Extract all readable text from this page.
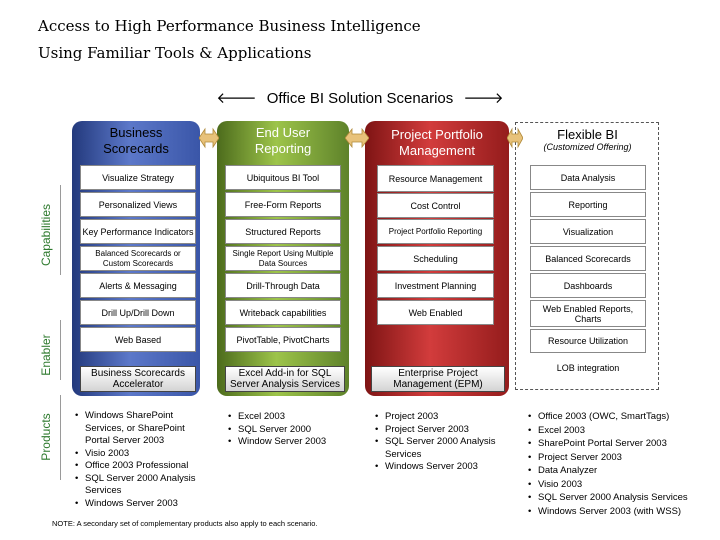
Access to High Performance Business Intelligence
Using Familiar Tools & Applications
🡐 Office BI Solution Scenarios 🡒
Capabilities
Enabler
Products
Business Scorecards
End User Reporting
Project Portfolio Management
Flexible BI
(Customized Offering)
Visualize Strategy
Personalized Views
Key Performance Indicators
Balanced Scorecards or Custom Scorecards
Alerts & Messaging
Drill Up/Drill Down
Web Based
Ubiquitous BI Tool
Free-Form Reports
Structured Reports
Single Report Using Multiple Data Sources
Drill-Through Data
Writeback capabilities
PivotTable, PivotCharts
Resource Management
Cost Control
Project Portfolio Reporting
Scheduling
Investment Planning
Web Enabled
Data Analysis
Reporting
Visualization
Balanced Scorecards
Dashboards
Web Enabled Reports, Charts
Resource Utilization
LOB integration
Business Scorecards Accelerator
Excel Add-in for SQL Server Analysis Services
Enterprise Project Management (EPM)
• Windows SharePoint Services, or SharePoint Portal Server 2003
• Visio 2003
• Office 2003 Professional
• SQL Server 2000 Analysis Services
• Windows Server 2003
• Excel 2003
• SQL Server 2000
• Window Server 2003
• Project 2003
• Project Server 2003
• SQL Server 2000 Analysis Services
• Windows Server 2003
• Office 2003 (OWC, SmartTags)
• Excel 2003
• SharePoint Portal Server 2003
• Project Server 2003
• Data Analyzer
• Visio 2003
• SQL Server 2000 Analysis Services
• Windows Server 2003 (with WSS)
NOTE: A secondary set of complementary products also apply to each scenario.
